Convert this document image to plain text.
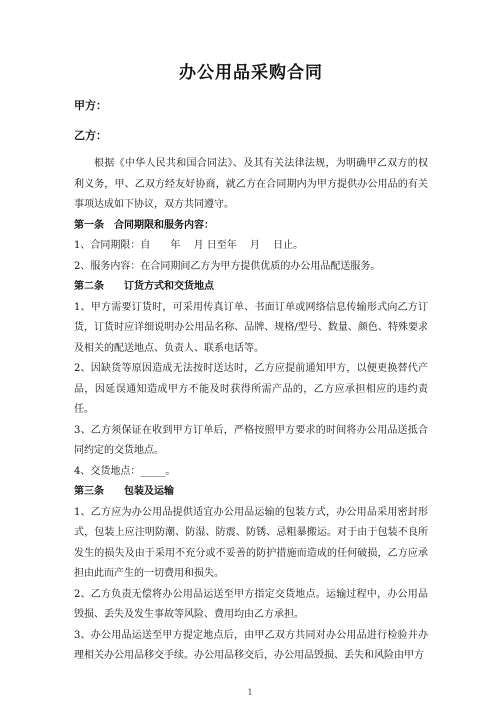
办公用品采购合同
甲方：
乙方：

根据《中华人民共和国合同法》、及其有关法律法规，为明确甲乙双方的权利义务，甲、乙双方经友好协商，就乙方在合同期内为甲方提供办公用品的有关事项达成如下协议，双方共同遵守。

第一条　合同期限和服务内容：

1、合同期限：自　　年　 月 日至年　 月　 日止。

2、服务内容：在合同期间乙方为甲方提供优质的办公用品配送服务。

第二条　　订货方式和交货地点

1、甲方需要订货时，可采用传真订单、书面订单或网络信息传输形式向乙方订货，订货时应详细说明办公用品名称、品牌、规格/型号、数量、颜色、特殊要求及相关的配送地点、负责人、联系电话等。

2、因缺货等原因造成无法按时送达时，乙方应提前通知甲方，以便更换替代产品，因延误通知造成甲方不能及时获得所需产品的，乙方应承担相应的违约责任。

3、乙方须保证在收到甲方订单后，严格按照甲方要求的时间将办公用品送抵合同约定的交货地点。

4、交货地点：_____。

第三条　　包装及运输

1、乙方应为办公用品提供适宜办公用品运输的包装方式，办公用品采用密封形式，包装上应注明防潮、防湿、防震、防锈、忌粗暴搬运。对于由于包装不良所发生的损失及由于采用不充分或不妥善的防护措施而造成的任何破损，乙方应承担由此而产生的一切费用和损失。

2、乙方负责无偿将办公用品运送至甲方指定交货地点。运输过程中，办公用品毁损、丢失及发生事故等风险、费用均由乙方承担。

3、办公用品运送至甲方提定地点后，由甲乙双方共同对办公用品进行检验并办理相关办公用品移交手续。办公用品移交后，办公用品毁损、丢失和风险由甲方

1
